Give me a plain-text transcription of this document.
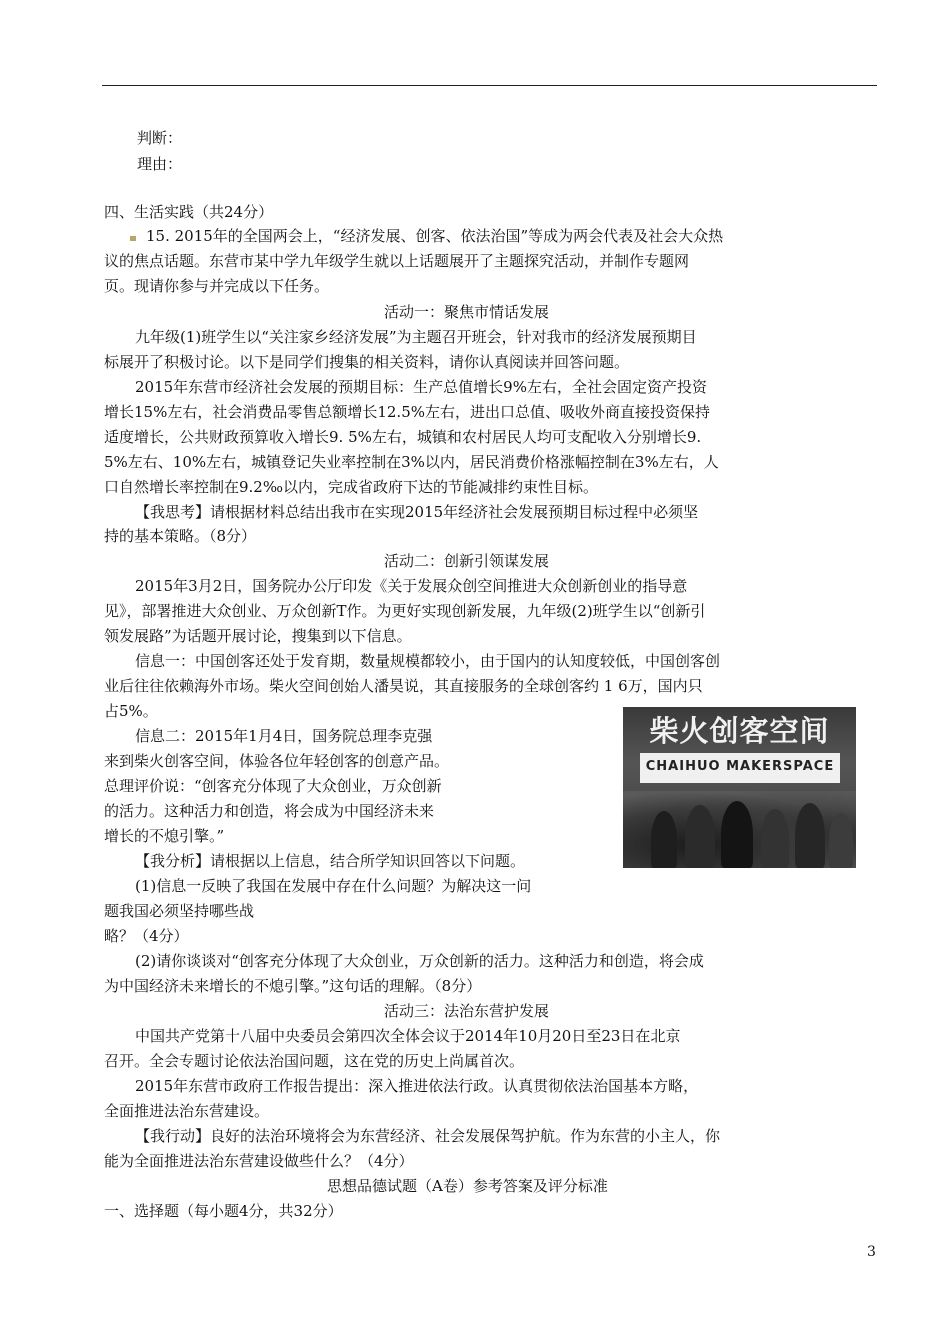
判断：
理由：
四、生活实践（共24分）
15. 2015年的全国两会上，“经济发展、创客、依法治国”等成为两会代表及社会大众热
议的焦点话题。东营市某中学九年级学生就以上话题展开了主题探究活动，并制作专题网
页。现请你参与并完成以下任务。
活动一：聚焦市情话发展
九年级(1)班学生以“关注家乡经济发展”为主题召开班会，针对我市的经济发展预期目
标展开了积极讨论。以下是同学们搜集的相关资料，请你认真阅读并回答问题。
2015年东营市经济社会发展的预期目标：生产总值增长9%左右，全社会固定资产投资
增长15%左右，社会消费品零售总额增长12.5%左右，进出口总值、吸收外商直接投资保持
适度增长，公共财政预算收入增长9. 5%左右，城镇和农村居民人均可支配收入分别增长9.
5%左右、10%左右，城镇登记失业率控制在3%以内，居民消费价格涨幅控制在3%左右，人
口自然增长率控制在9.2‰以内，完成省政府下达的节能减排约束性目标。
【我思考】请根据材料总结出我市在实现2015年经济社会发展预期目标过程中必须坚
持的基本策略。（8分）
活动二：创新引领谋发展
2015年3月2日，国务院办公厅印发《关于发展众创空间推进大众创新创业的指导意
见》，部署推进大众创业、万众创新T作。为更好实现创新发展，九年级(2)班学生以“创新引
领发展路”为话题开展讨论，搜集到以下信息。
信息一：中国创客还处于发育期，数量规模都较小，由于国内的认知度较低，中国创客创
业后往往依赖海外市场。柴火空间创始人潘昊说，其直接服务的全球创客约 1 6万，国内只
占5%。
信息二：2015年1月4日，国务院总理李克强
来到柴火创客空间，体验各位年轻创客的创意产品。
总理评价说：“创客充分体现了大众创业，万众创新
的活力。这种活力和创造，将会成为中国经济未来
增长的不熄引擎。”
【我分析】请根据以上信息，结合所学知识回答以下问题。
(1)信息一反映了我国在发展中存在什么问题？为解决这一问
题我国必须坚持哪些战
略？（4分）
(2)请你谈谈对“创客充分体现了大众创业，万众创新的活力。这种活力和创造，将会成
为中国经济未来增长的不熄引擎。”这句话的理解。（8分）
活动三：法治东营护发展
中国共产党第十八届中央委员会第四次全体会议于2014年10月20日至23日在北京
召开。全会专题讨论依法治国问题，这在党的历史上尚属首次。
2015年东营市政府工作报告提出：深入推进依法行政。认真贯彻依法治国基本方略，
全面推进法治东营建设。
【我行动】良好的法治环境将会为东营经济、社会发展保驾护航。作为东营的小主人，你
能为全面推进法治东营建设做些什么？（4分）
思想品德试题（A卷）参考答案及评分标准
一、选择题（每小题4分，共32分）
柴火创客空间
CHAIHUO MAKERSPACE
3
